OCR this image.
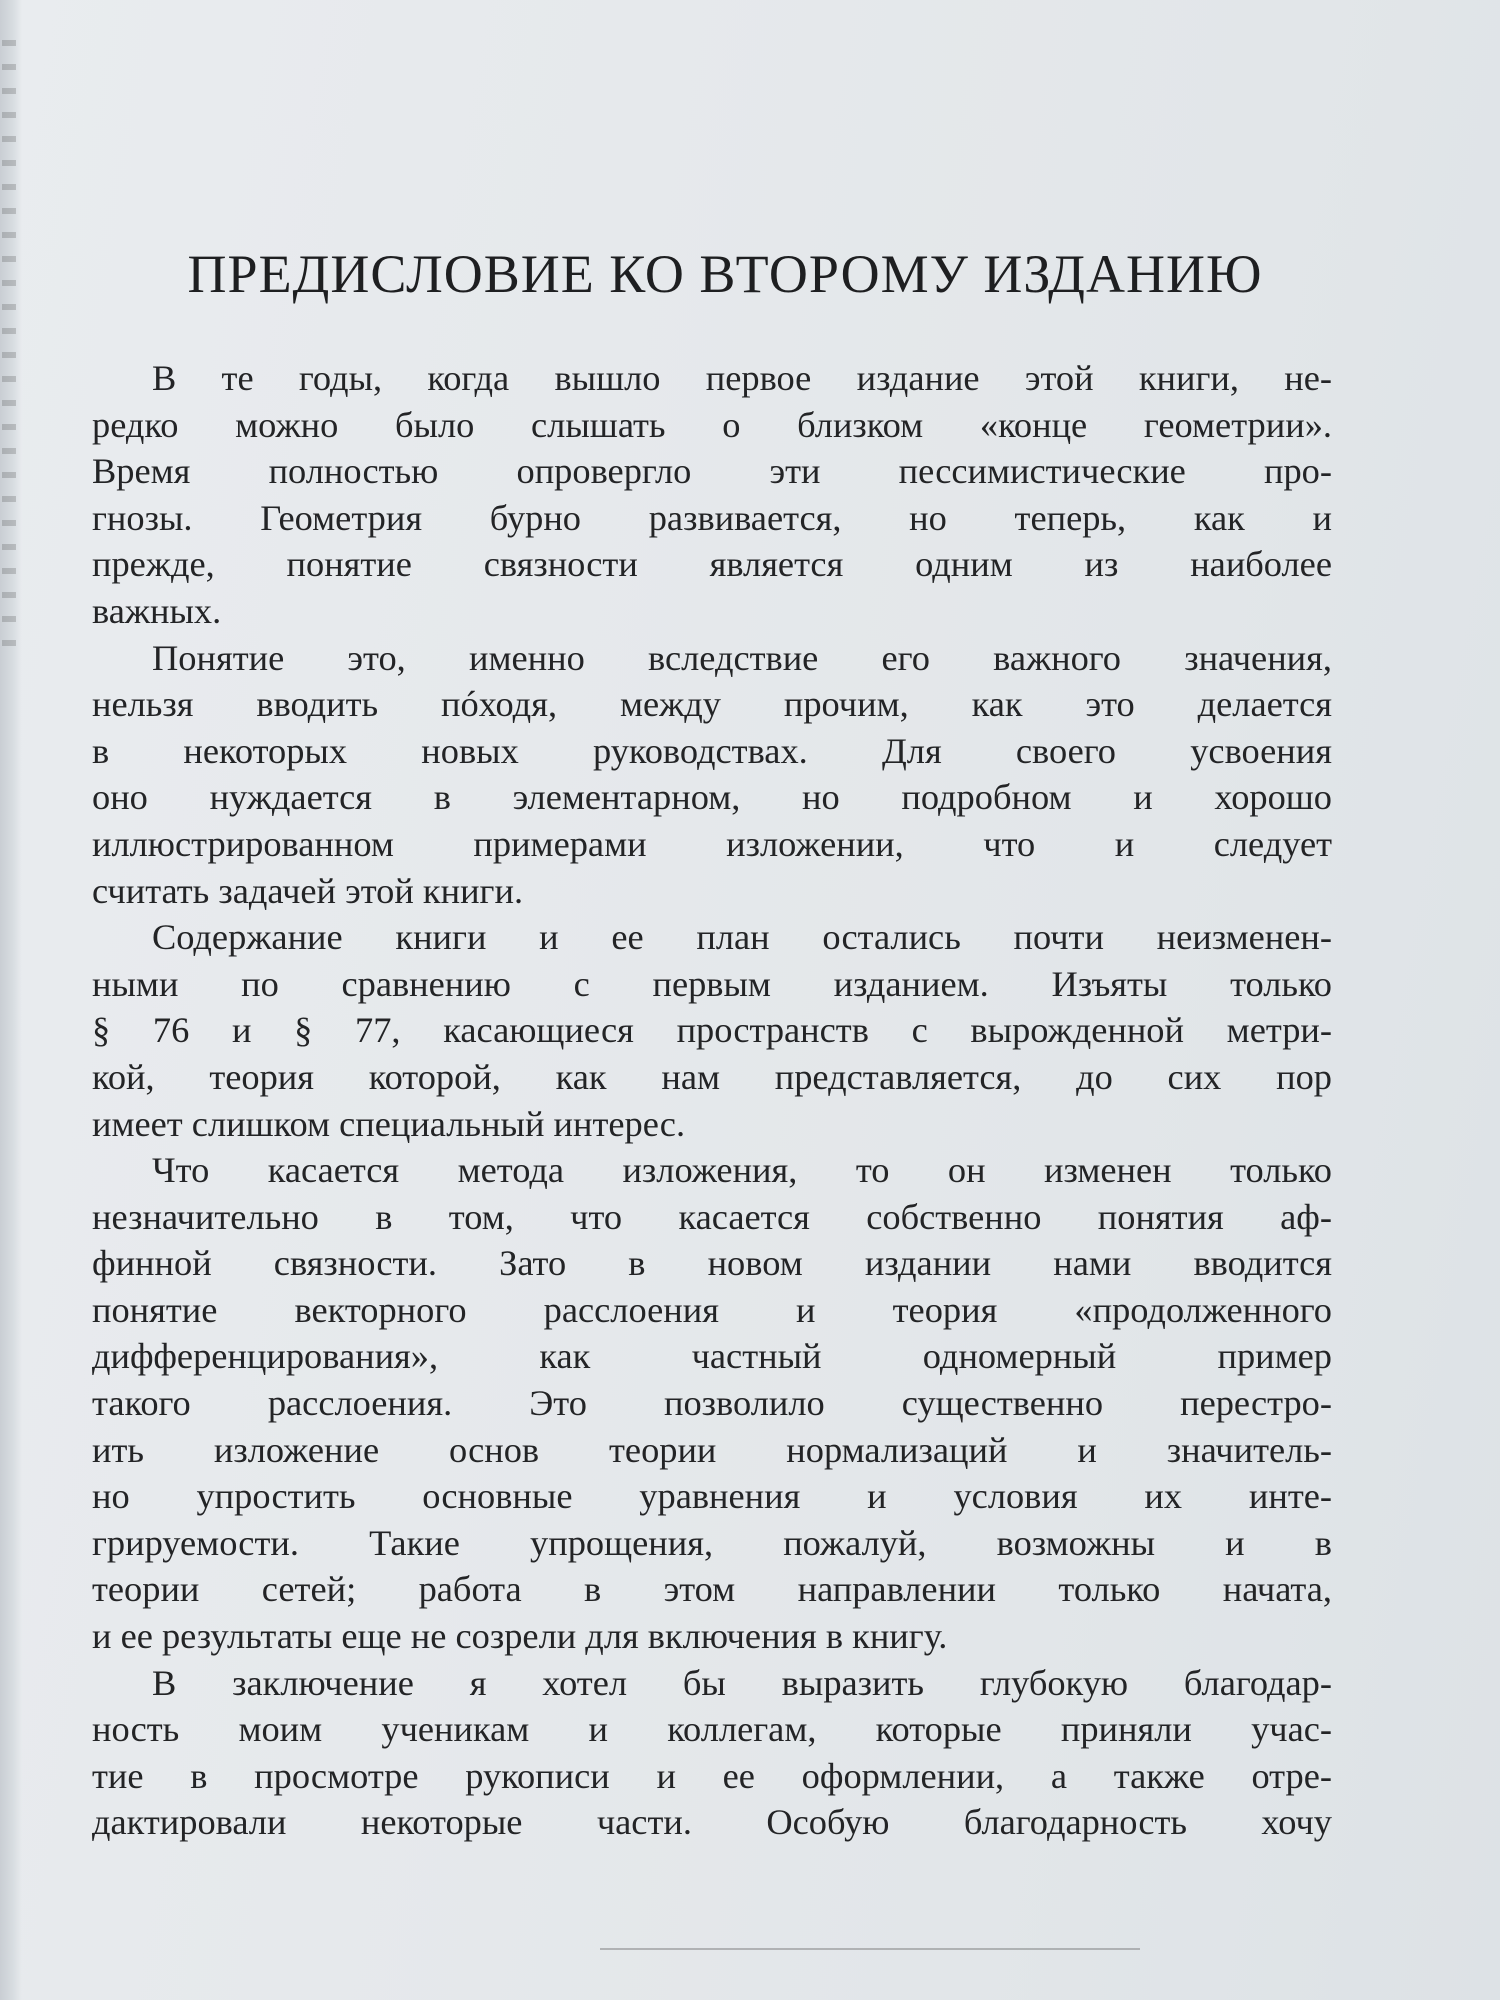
ПРЕДИСЛОВИЕ КО ВТОРОМУ ИЗДАНИЮ
В те годы, когда вышло первое издание этой книги, не-
редко можно было слышать о близком «конце геометрии».
Время полностью опровергло эти пессимистические про-
гнозы. Геометрия бурно развивается, но теперь, как и
прежде, понятие связности является одним из наиболее
важных.
Понятие это, именно вследствие его важного значения,
нельзя вводить пóходя, между прочим, как это делается
в некоторых новых руководствах. Для своего усвоения
оно нуждается в элементарном, но подробном и хорошо
иллюстрированном примерами изложении, что и следует
считать задачей этой книги.
Содержание книги и ее план остались почти неизменен-
ными по сравнению с первым изданием. Изъяты только
§ 76 и § 77, касающиеся пространств с вырожденной метри-
кой, теория которой, как нам представляется, до сих пор
имеет слишком специальный интерес.
Что касается метода изложения, то он изменен только
незначительно в том, что касается собственно понятия аф-
финной связности. Зато в новом издании нами вводится
понятие векторного расслоения и теория «продолженного
дифференцирования», как частный одномерный пример
такого расслоения. Это позволило существенно перестро-
ить изложение основ теории нормализаций и значитель-
но упростить основные уравнения и условия их инте-
грируемости. Такие упрощения, пожалуй, возможны и в
теории сетей; работа в этом направлении только начата,
и ее результаты еще не созрели для включения в книгу.
В заключение я хотел бы выразить глубокую благодар-
ность моим ученикам и коллегам, которые приняли учас-
тие в просмотре рукописи и ее оформлении, а также отре-
дактировали некоторые части. Особую благодарность хочу
